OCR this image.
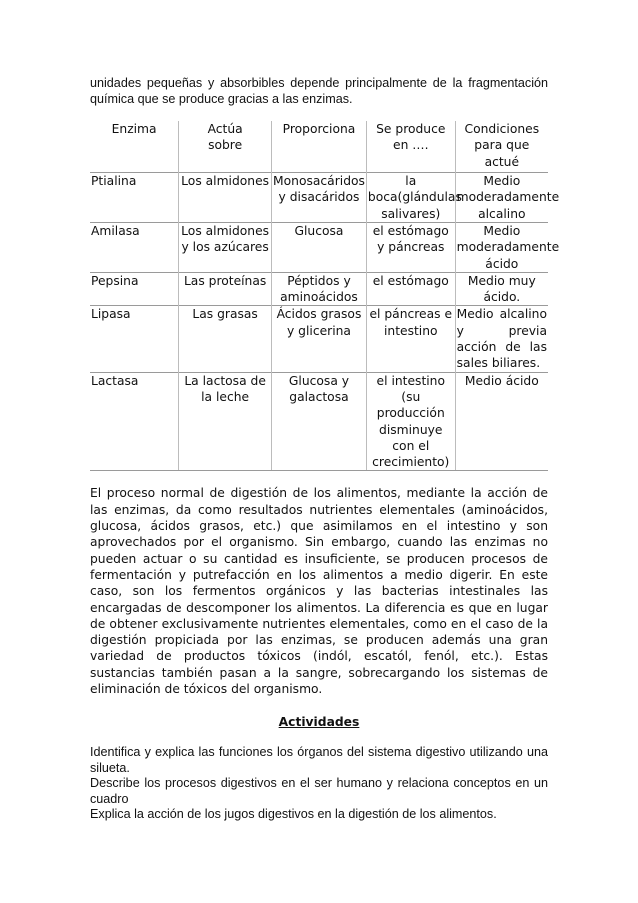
unidades pequeñas y absorbibles depende principalmente de la fragmentación química que se produce gracias a las enzimas.

Enzima	Actúa sobre	Proporciona	Se produce en ….	Condiciones para que actué
Ptialina	Los almidones	Monosacáridos y disacáridos	la boca(glándulas salivares)	Medio moderadamente alcalino
Amilasa	Los almidones y los azúcares	Glucosa	el estómago y páncreas	Medio moderadamente ácido
Pepsina	Las proteínas	Péptidos y aminoácidos	el estómago	Medio muy ácido.
Lipasa	Las grasas	Ácidos grasos y glicerina	el páncreas e intestino	Medio alcalino y previa acción de las sales biliares.
Lactasa	La lactosa de la leche	Glucosa y galactosa	el intestino (su producción disminuye con el crecimiento)	Medio ácido

El proceso normal de digestión de los alimentos, mediante la acción de las enzimas, da como resultados nutrientes elementales (aminoácidos, glucosa, ácidos grasos, etc.) que asimilamos en el intestino y son aprovechados por el organismo. Sin embargo, cuando las enzimas no pueden actuar o su cantidad es insuficiente, se producen procesos de fermentación y putrefacción en los alimentos a medio digerir. En este caso, son los fermentos orgánicos y las bacterias intestinales las encargadas de descomponer los alimentos. La diferencia es que en lugar de obtener exclusivamente nutrientes elementales, como en el caso de la digestión propiciada por las enzimas, se producen además una gran variedad de productos tóxicos (indól, escatól, fenól, etc.). Estas sustancias también pasan a la sangre, sobrecargando los sistemas de eliminación de tóxicos del organismo.

Actividades

Identifica y explica las funciones los órganos del sistema digestivo utilizando una silueta.

Describe los procesos digestivos en el ser humano y relaciona conceptos en un cuadro

Explica la acción de los jugos digestivos en la digestión de los alimentos.
